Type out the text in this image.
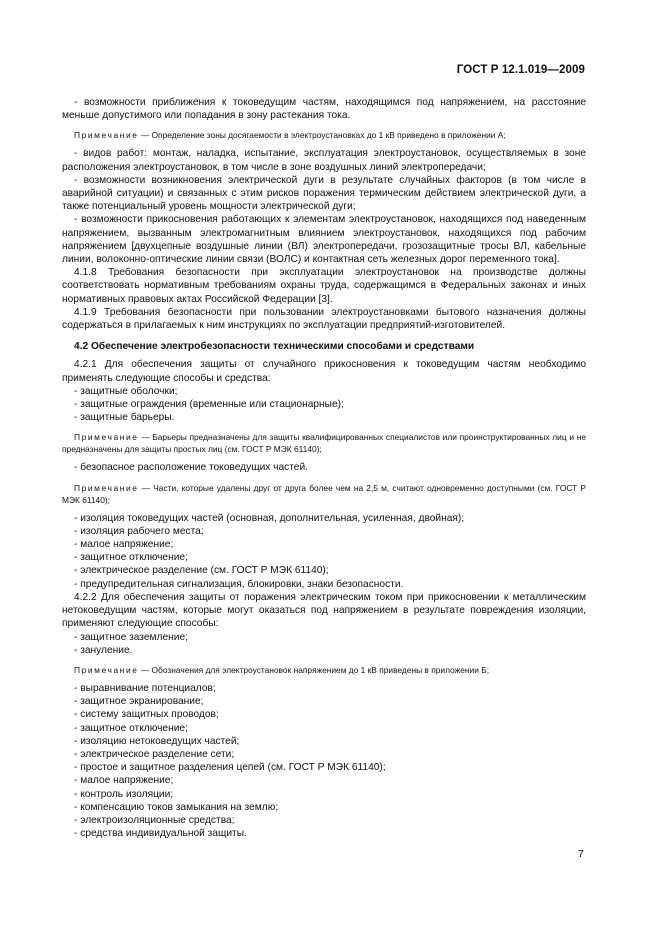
ГОСТ Р 12.1.019—2009

- возможности приближения к токоведущим частям, находящимся под напряжением, на расстояние меньше допустимого или попадания в зону растекания тока.

Примечание — Определение зоны досягаемости в электроустановках до 1 кВ приведено в приложении А;

- видов работ: монтаж, наладка, испытание, эксплуатация электроустановок, осуществляемых в зоне расположения электроустановок, в том числе в зоне воздушных линий электропередачи;

- возможности возникновения электрической дуги в результате случайных факторов (в том числе в аварийной ситуации) и связанных с этим рисков поражения термическим действием электрической дуги, а также потенциальный уровень мощности электрической дуги;

- возможности прикосновения работающих к элементам электроустановок, находящихся под наведенным напряжением, вызванным электромагнитным влиянием электроустановок, находящихся под рабочим напряжением [двухцепные воздушные линии (ВЛ) электропередачи, грозозащитные тросы ВЛ, кабельные линии, волоконно-оптические линии связи (ВОЛС) и контактная сеть железных дорог переменного тока].

4.1.8 Требования безопасности при эксплуатации электроустановок на производстве должны соответствовать нормативным требованиям охраны труда, содержащимся в Федеральных законах и иных нормативных правовых актах Российской Федерации [3].

4.1.9 Требования безопасности при пользовании электроустановками бытового назначения должны содержаться в прилагаемых к ним инструкциях по эксплуатации предприятий-изготовителей.

4.2 Обеспечение электробезопасности техническими способами и средствами

4.2.1 Для обеспечения защиты от случайного прикосновения к токоведущим частям необходимо применять следующие способы и средства:

- защитные оболочки;

- защитные ограждения (временные или стационарные);

- защитные барьеры.

Примечание — Барьеры предназначены для защиты квалифицированных специалистов или проинструктированных лиц и не предназначены для защиты простых лиц (см. ГОСТ Р МЭК 61140);

- безопасное расположение токоведущих частей.

Примечание — Части, которые удалены друг от друга более чем на 2,5 м, считают одновременно доступными (см. ГОСТ Р МЭК 61140);

- изоляция токоведущих частей (основная, дополнительная, усиленная, двойная);

- изоляция рабочего места;

- малое напряжение;

- защитное отключение;

- электрическое разделение (см. ГОСТ Р МЭК 61140);

- предупредительная сигнализация, блокировки, знаки безопасности.

4.2.2 Для обеспечения защиты от поражения электрическим током при прикосновении к металлическим нетоковедущим частям, которые могут оказаться под напряжением в результате повреждения изоляции, применяют следующие способы:

- защитное заземление;

- зануление.

Примечание — Обозначения для электроустановок напряжением до 1 кВ приведены в приложении Б;

- выравнивание потенциалов;

- защитное экранирование;

- систему защитных проводов;

- защитное отключение;

- изоляцию нетоковедущих частей;

- электрическое разделение сети;

- простое и защитное разделения цепей (см. ГОСТ Р МЭК 61140);

- малое напряжение;

- контроль изоляции;

- компенсацию токов замыкания на землю;

- электроизоляционные средства;

- средства индивидуальной защиты.

7
